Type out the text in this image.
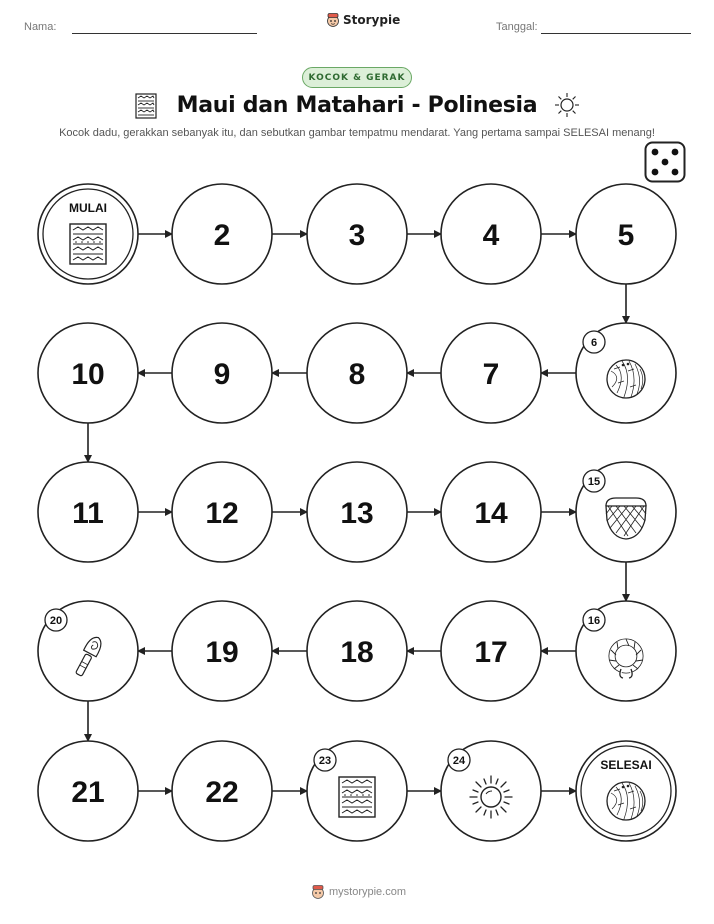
Nama:	Storypie	Tanggal:
KOCOK & GERAK
Maui dan Matahari - Polinesia
Kocok dadu, gerakkan sebanyak itu, dan sebutkan gambar tempatmu mendarat. Yang pertama sampai SELESAI menang!
MULAI
2	3	4	5
6
7
8
9
10
11	12	13	14
15
16
17
18
19
20
21	22
23	24	SELESAI
mystorypie.com
